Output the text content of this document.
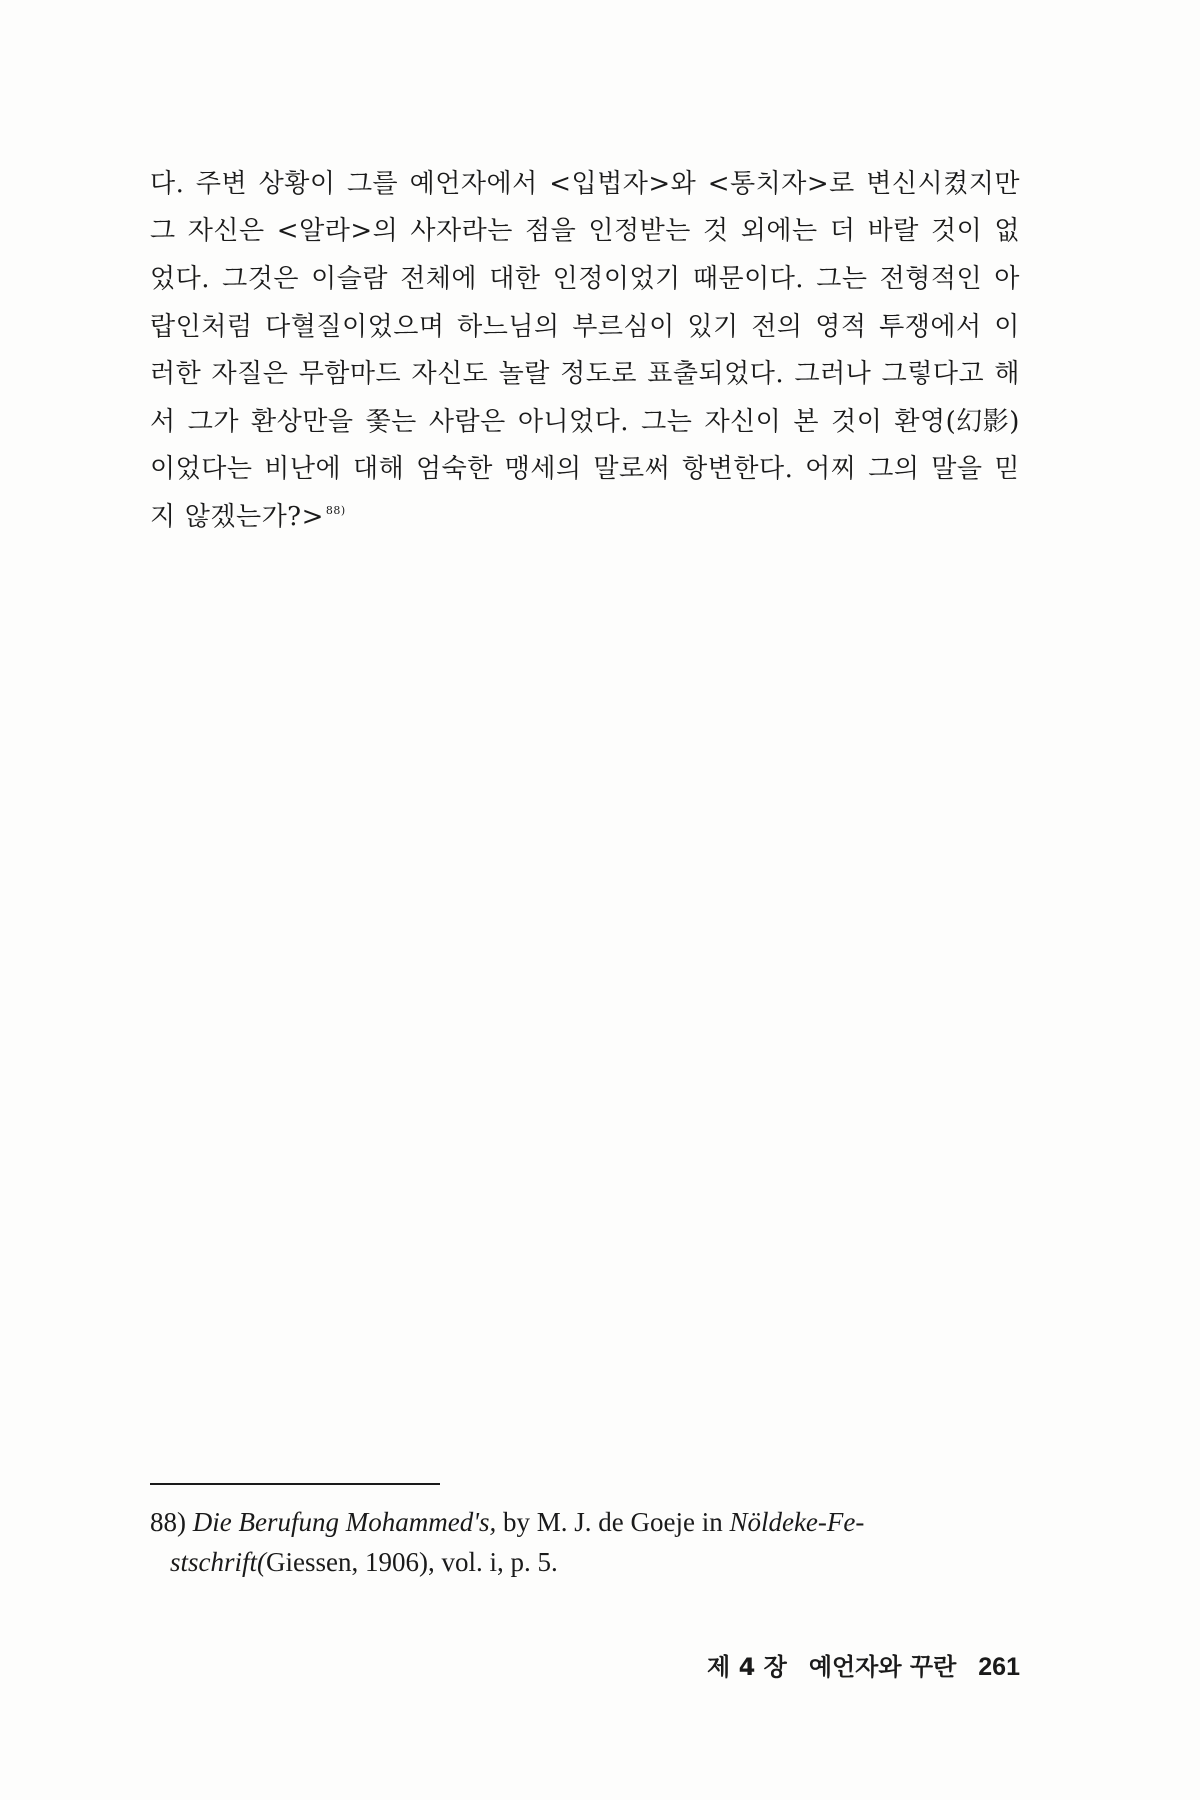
다. 주변 상황이 그를 예언자에서 <입법자>와 <통치자>로 변신시켰지만
그 자신은 <알라>의 사자라는 점을 인정받는 것 외에는 더 바랄 것이 없
었다. 그것은 이슬람 전체에 대한 인정이었기 때문이다. 그는 전형적인 아
랍인처럼 다혈질이었으며 하느님의 부르심이 있기 전의 영적 투쟁에서 이
러한 자질은 무함마드 자신도 놀랄 정도로 표출되었다. 그러나 그렇다고 해
서 그가 환상만을 쫓는 사람은 아니었다. 그는 자신이 본 것이 환영(幻影)
이었다는 비난에 대해 엄숙한 맹세의 말로써 항변한다. 어찌 그의 말을 믿
지 않겠는가?>$^{88)}$
88) Die Berufung Mohammed's, by M. J. de Goeje in Nöldeke-Fe-
stschrift(Giessen, 1906), vol. i, p. 5.
제 4 장 예언자와 꾸란 261
